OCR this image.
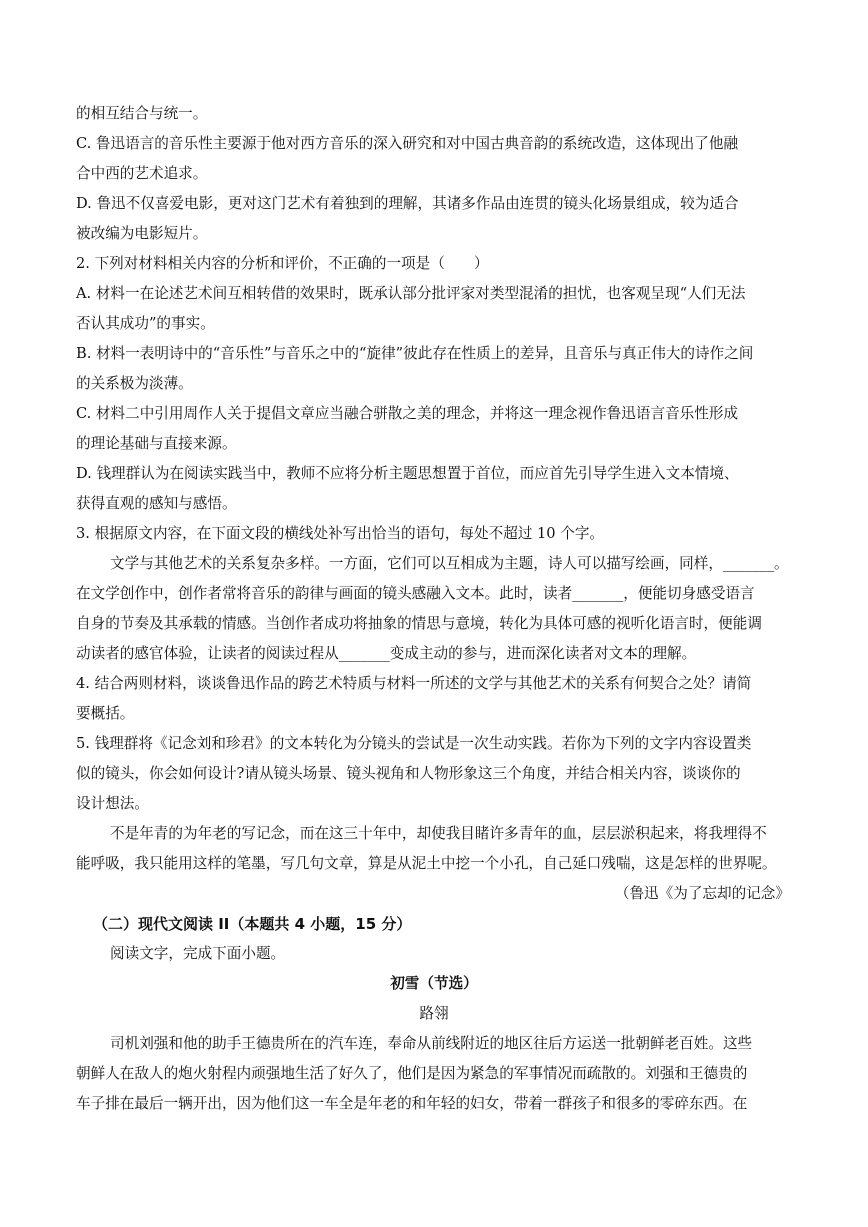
的相互结合与统一。
C. 鲁迅语言的音乐性主要源于他对西方音乐的深入研究和对中国古典音韵的系统改造，这体现出了他融
合中西的艺术追求。
D. 鲁迅不仅喜爱电影，更对这门艺术有着独到的理解，其诸多作品由连贯的镜头化场景组成，较为适合
被改编为电影短片。
2. 下列对材料相关内容的分析和评价，不正确的一项是（　　）
A. 材料一在论述艺术间互相转借的效果时，既承认部分批评家对类型混淆的担忧，也客观呈现“人们无法
否认其成功”的事实。
B. 材料一表明诗中的“音乐性”与音乐之中的“旋律”彼此存在性质上的差异，且音乐与真正伟大的诗作之间
的关系极为淡薄。
C. 材料二中引用周作人关于提倡文章应当融合骈散之美的理念，并将这一理念视作鲁迅语言音乐性形成
的理论基础与直接来源。
D. 钱理群认为在阅读实践当中，教师不应将分析主题思想置于首位，而应首先引导学生进入文本情境、
获得直观的感知与感悟。
3. 根据原文内容，在下面文段的横线处补写出恰当的语句，每处不超过 10 个字。
文学与其他艺术的关系复杂多样。一方面，它们可以互相成为主题，诗人可以描写绘画，同样，_______。
在文学创作中，创作者常将音乐的韵律与画面的镜头感融入文本。此时，读者_______，便能切身感受语言
自身的节奏及其承载的情感。当创作者成功将抽象的情思与意境，转化为具体可感的视听化语言时，便能调
动读者的感官体验，让读者的阅读过程从_______变成主动的参与，进而深化读者对文本的理解。
4. 结合两则材料，谈谈鲁迅作品的跨艺术特质与材料一所述的文学与其他艺术的关系有何契合之处？请简
要概括。
5. 钱理群将《记念刘和珍君》的文本转化为分镜头的尝试是一次生动实践。若你为下列的文字内容设置类
似的镜头，你会如何设计?请从镜头场景、镜头视角和人物形象这三个角度，并结合相关内容，谈谈你的
设计想法。
不是年青的为年老的写记念，而在这三十年中，却使我目睹许多青年的血，层层淤积起来，将我埋得不
能呼吸，我只能用这样的笔墨，写几句文章，算是从泥土中挖一个小孔，自己延口残喘，这是怎样的世界呢。
（鲁迅《为了忘却的记念》
（二）现代文阅读 II（本题共 4 小题，15 分）
阅读文字，完成下面小题。
初雪（节选）
路翎
司机刘强和他的助手王德贵所在的汽车连，奉命从前线附近的地区往后方运送一批朝鲜老百姓。这些
朝鲜人在敌人的炮火射程内顽强地生活了好久了，他们是因为紧急的军事情况而疏散的。刘强和王德贵的
车子排在最后一辆开出，因为他们这一车全是年老的和年轻的妇女，带着一群孩子和很多的零碎东西。在
